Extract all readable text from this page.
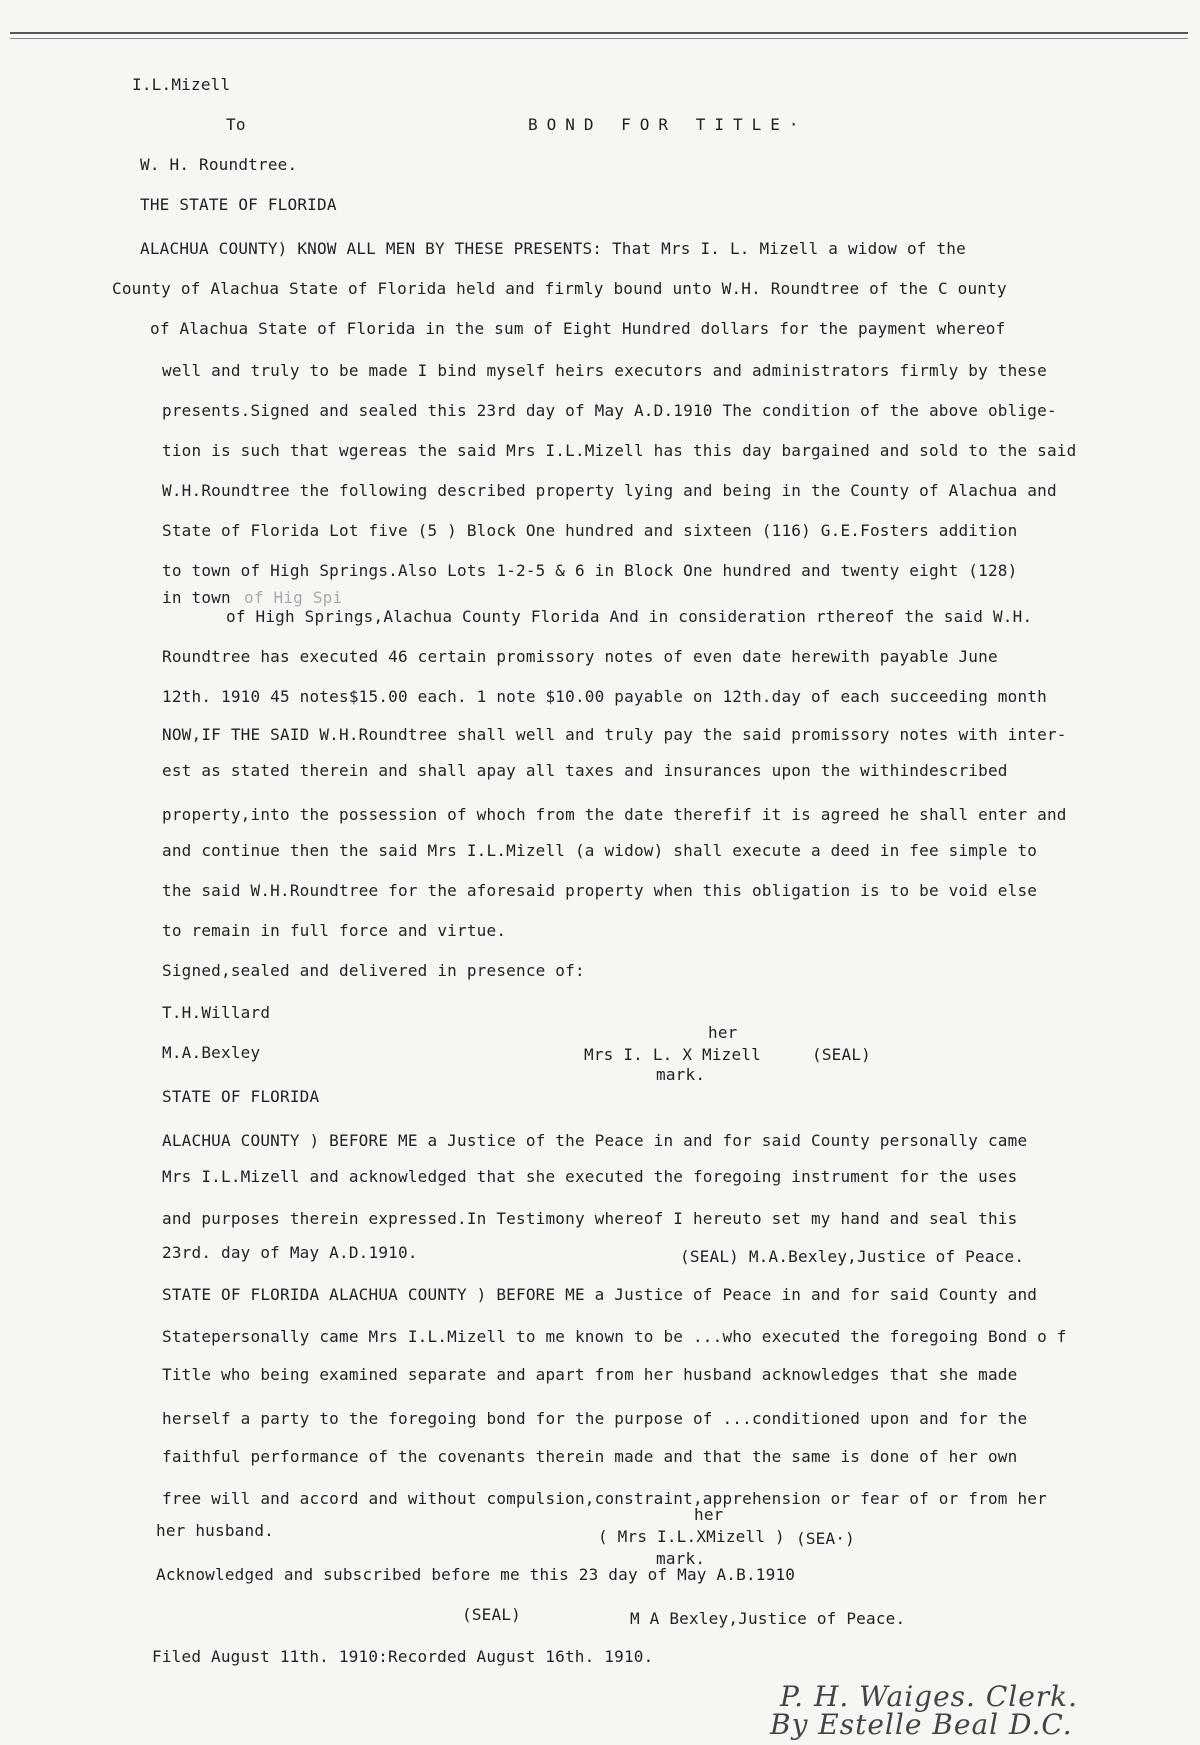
I.L.Mizell
To	BOND FOR TITLE·
W. H. Roundtree.
THE STATE OF FLORIDA
ALACHUA COUNTY) KNOW ALL MEN BY THESE PRESENTS: That Mrs I. L. Mizell a widow of the
County of Alachua State of Florida held and firmly bound unto W.H. Roundtree of the C ounty
of Alachua State of Florida in the sum of Eight Hundred dollars for the payment whereof
well and truly to be made I bind myself heirs executors and administrators firmly by these
presents.Signed and sealed this 23rd day of May A.D.1910 The condition of the above oblige-
tion is such that wgereas the said Mrs I.L.Mizell has this day bargained and sold to the said
W.H.Roundtree the following described property lying and being in the County of Alachua and
State of Florida Lot five (5 ) Block One hundred and sixteen (116) G.E.Fosters addition
to town of High Springs.Also Lots 1-2-5 & 6 in Block One hundred and twenty eight (128)
in town of Hig Spi
of High Springs,Alachua County Florida And in consideration rthereof the said W.H.
Roundtree has executed 46 certain promissory notes of even date herewith payable June
12th. 1910 45 notes$15.00 each. 1 note $10.00 payable on 12th.day of each succeeding month
NOW,IF THE SAID W.H.Roundtree shall well and truly pay the said promissory notes with inter-
est as stated therein and shall apay all taxes and insurances upon the withindescribed
property,into the possession of whoch from the date therefif it is agreed he shall enter and
and continue then the said Mrs I.L.Mizell (a widow) shall execute a deed in fee simple to
the said W.H.Roundtree for the aforesaid property when this obligation is to be void else
to remain in full force and virtue.
Signed,sealed and delivered in presence of:
T.H.Willard
M.A.Bexley
her
Mrs I. L. X Mizell	(SEAL)
mark.
STATE OF FLORIDA
ALACHUA COUNTY ) BEFORE ME a Justice of the Peace in and for said County personally came
Mrs I.L.Mizell and acknowledged that she executed the foregoing instrument for the uses
and purposes therein expressed.In Testimony whereof I hereuto set my hand and seal this
23rd. day of May A.D.1910.	(SEAL) M.A.Bexley,Justice of Peace.
STATE OF FLORIDA ALACHUA COUNTY ) BEFORE ME a Justice of Peace in and for said County and
Statepersonally came Mrs I.L.Mizell to me known to be ...who executed the foregoing Bond o f
Title who being examined separate and apart from her husband acknowledges that she made
herself a party to the foregoing bond for the purpose of ...conditioned upon and for the
faithful performance of the covenants therein made and that the same is done of her own
free will and accord and without compulsion,constraint,apprehension or fear of or from her
her husband.
her
( Mrs I.L.XMizell ) (SEA·)
mark.
Acknowledged and subscribed before me this 23 day of May A.B.1910
(SEAL)	M A Bexley,Justice of Peace.
Filed August 11th. 1910:Recorded August 16th. 1910.
P. H. Waiges. Clerk.
By Estelle Beal D.C.
